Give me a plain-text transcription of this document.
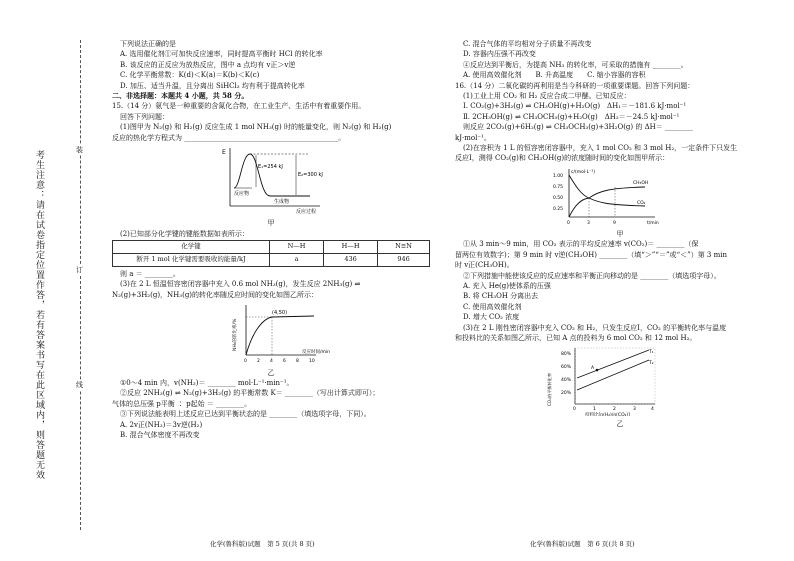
考生注意：请在试卷指定位置作答，若有答案书写在此区域内，则答题无效	装
订
线

下列说法正确的是

A. 选用催化剂①可加快反应速率，同时提高平衡时 HCl 的转化率

B. 该反应的正反应为放热反应，图中 a 点均有 v正＞v逆

C. 化学平衡常数：K(d)＜K(a)＝K(b)＜K(c)

D. 加压、适当升温，且分离出 SiHCl₃ 均有利于提高转化率

二、非选择题：本题共 4 小题，共 58 分。

15.（14 分）氨气是一种重要的含氮化合物，在工业生产、生活中有着重要作用。

回答下列问题：

(1)图甲为 N₂(g) 和 H₂(g) 反应生成 1 mol NH₃(g) 时的能量变化，则 N₂(g) 和 H₂(g)

反应的热化学方程式为 ____________________________________________。

E
E₁=254 kJ
E₂=300 kJ
反应物
生成物
反应过程
甲

(2)已知部分化学键的键能数据如表所示：

化学键	N—H	H—H	N≡N
断开 1 mol 化学键需要吸收的能量/kJ	a	436	946

则 a ＝ ________。

(3)在 2 L 恒温恒容密闭容器中充入 0.6 mol NH₃(g)，发生反应 2NH₃(g) ⇌

N₂(g)+3H₂(g)，NH₃(g)的转化率随反应时间的变化如图乙所示：

NH₃的转化率/%
(4,50)
0 2 4 6 8 10
反应时间/min
乙

①0～4 min 内，v(NH₃)＝ ________ mol·L⁻¹·min⁻¹。

②反应 2NH₃(g) ⇌ N₂(g)+3H₂(g) 的平衡常数 K＝ ________（写出计算式即可）；

气体的总压强 p平衡 ∶ p起始 ＝ ________。

③下列说法能表明上述反应已达到平衡状态的是 ________（填选项字母，下同）。

A. 2v正(NH₃)＝3v逆(H₂)

B. 混合气体密度不再改变

化学(鲁科版)试题　第 5 页(共 8 页)

C. 混合气体的平均相对分子质量不再改变

D. 容器内压强不再改变

④反应达到平衡后，为提高 NH₃ 的转化率，可采取的措施有 ________。

A. 使用高效催化剂　　B. 升高温度　　C. 缩小容器的容积

16.（14 分）二氧化碳的再利用是当今科研的一项重要课题。回答下列问题：

(1)工业上用 CO₂ 和 H₂ 反应合成二甲醚。已知反应：

Ⅰ. CO₂(g)+3H₂(g) ⇌ CH₃OH(g)+H₂O(g)　ΔH₁＝－181.6 kJ·mol⁻¹

Ⅱ. 2CH₃OH(g) ⇌ CH₃OCH₃(g)+H₂O(g)　ΔH₂＝－24.5 kJ·mol⁻¹

则反应 2CO₂(g)+6H₂(g) ⇌ CH₃OCH₃(g)+3H₂O(g) 的 ΔH＝ ________

kJ·mol⁻¹。

(2)在容积为 1 L 的恒容密闭容器中，充入 1 mol CO₂ 和 3 mol H₂，一定条件下只发生

反应Ⅰ，测得 CO₂(g)和 CH₃OH(g)的浓度随时间的变化如图甲所示：

c/(mol·L⁻¹)
1.00
0.75
0.50
0.25
0	3	9	t/min
CH₃OH
CO₂
甲

①从 3 min～9 min，用 CO₂ 表示的平均反应速率 v(CO₂)＝ ________（保

留两位有效数字)；第 9 min 时 v逆(CH₃OH) ________（填“＞”“＝”或“＜”）第 3 min

时 v正(CH₃OH)。

②下列措施中能使该反应的反应速率和平衡正向移动的是 ________（填选项字母）。

A. 充入 He(g)使体系的压强

B. 将 CH₃OH 分离出去

C. 使用高效催化剂

D. 增大 CO₂ 浓度

(3)在 2 L 刚性密闭容器中充入 CO₂ 和 H₂，只发生反应Ⅰ，CO₂ 的平衡转化率与温度

和投料比的关系如图乙所示，已知 A 点的投料为 6 mol CO₂ 和 12 mol H₂。

CO₂的平衡转化率
80%
60%
40%
20%
A
T₁
T₂
0	1	2	3	4
投料比[n(H₂)/n(CO₂)]
乙
化学(鲁科版)试题　第 6 页(共 8 页)
